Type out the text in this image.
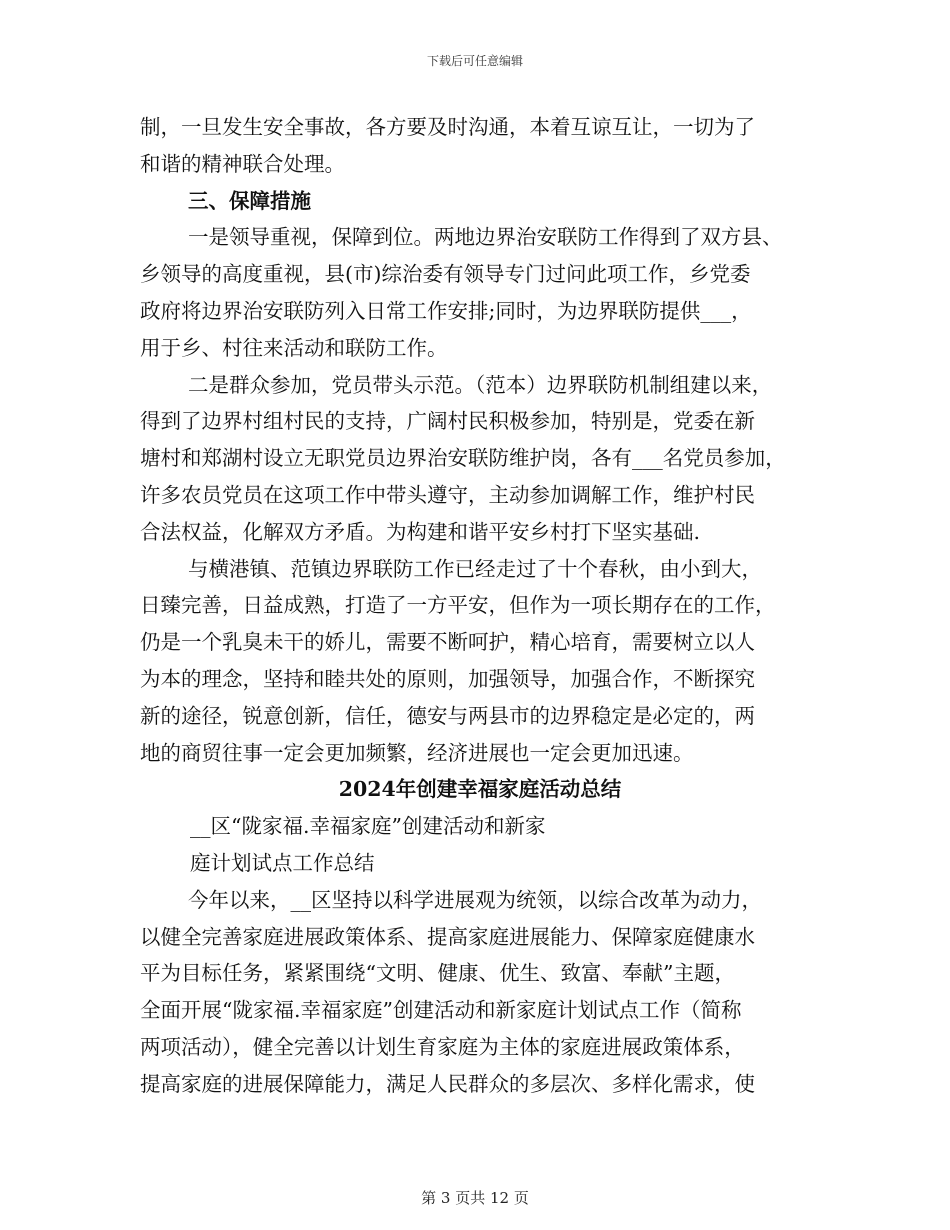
下载后可任意编辑
制，一旦发生安全事故，各方要及时沟通，本着互谅互让，一切为了
和谐的精神联合处理。
三、保障措施
一是领导重视，保障到位。两地边界治安联防工作得到了双方县、
乡领导的高度重视，县(市)综治委有领导专门过问此项工作，乡党委
政府将边界治安联防列入日常工作安排;同时，为边界联防提供___，
用于乡、村往来活动和联防工作。
二是群众参加，党员带头示范。（范本）边界联防机制组建以来，
得到了边界村组村民的支持，广阔村民积极参加，特别是，党委在新
塘村和郑湖村设立无职党员边界治安联防维护岗，各有___名党员参加，
许多农员党员在这项工作中带头遵守，主动参加调解工作，维护村民
合法权益，化解双方矛盾。为构建和谐平安乡村打下坚实基础.
与横港镇、范镇边界联防工作已经走过了十个春秋，由小到大，
日臻完善，日益成熟，打造了一方平安，但作为一项长期存在的工作，
仍是一个乳臭未干的娇儿，需要不断呵护，精心培育，需要树立以人
为本的理念，坚持和睦共处的原则，加强领导，加强合作，不断探究
新的途径，锐意创新，信任，德安与两县市的边界稳定是必定的，两
地的商贸往事一定会更加频繁，经济进展也一定会更加迅速。
2024年创建幸福家庭活动总结
__区“陇家福.幸福家庭”创建活动和新家
庭计划试点工作总结
今年以来，__区坚持以科学进展观为统领，以综合改革为动力，
以健全完善家庭进展政策体系、提高家庭进展能力、保障家庭健康水
平为目标任务，紧紧围绕“文明、健康、优生、致富、奉献”主题，
全面开展“陇家福.幸福家庭”创建活动和新家庭计划试点工作（简称
两项活动），健全完善以计划生育家庭为主体的家庭进展政策体系，
提高家庭的进展保障能力，满足人民群众的多层次、多样化需求，使
第 3 页共 12 页
